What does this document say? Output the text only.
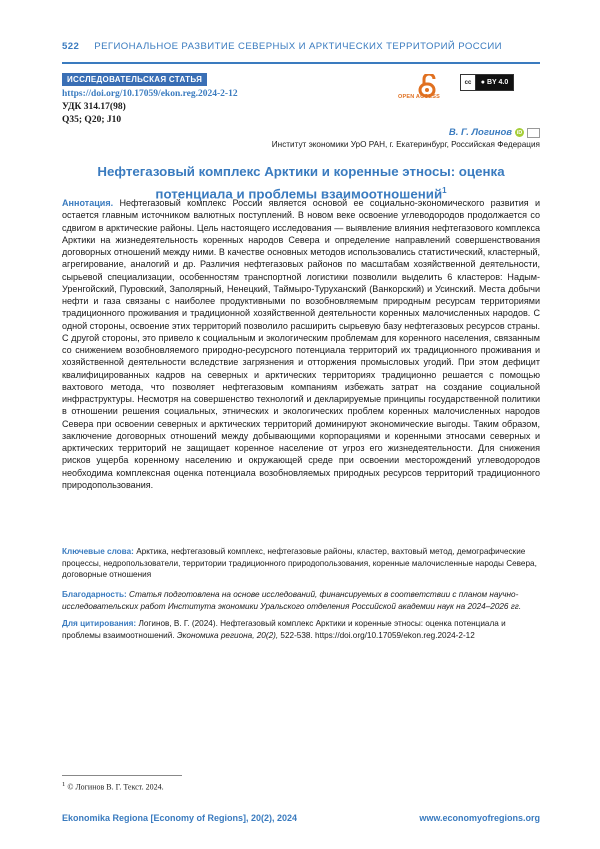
522 РЕГИОНАЛЬНОЕ РАЗВИТИЕ СЕВЕРНЫХ И АРКТИЧЕСКИХ ТЕРРИТОРИЙ РОССИИ
ИССЛЕДОВАТЕЛЬСКАЯ СТАТЬЯ
https://doi.org/10.17059/ekon.reg.2024-2-12
УДК 314.17(98)
Q35; Q20; J10
OPEN ACCESS
cc	● BY 4.0
В. Г. Логинов iD
Институт экономики УрО РАН, г. Екатеринбург, Российская Федерация
Нефтегазовый комплекс Арктики и коренные этносы: оценка потенциала и проблемы взаимоотношений1
Аннотация. Нефтегазовый комплекс России является основой ее социально-экономического развития и остается главным источником валютных поступлений. В новом веке освоение углеводородов продолжается со сдвигом в арктические районы. Цель настоящего исследования — выявление влияния нефтегазового комплекса Арктики на жизнедеятельность коренных народов Севера и определение направлений совершенствования договорных отношений между ними. В качестве основных методов использовались статистический, кластерный, агрегирование, аналогий и др. Различия нефтегазовых районов по масштабам хозяйственной деятельности, сырьевой специализации, особенностям транспортной логистики позволили выделить 6 кластеров: Надым-Уренгойский, Пуровский, Заполярный, Ненецкий, Таймыро-Туруханский (Ванкорский) и Усинский. Места добычи нефти и газа связаны с наиболее продуктивными по возобновляемым природным ресурсам территориями традиционного проживания и традиционной хозяйственной деятельности коренных малочисленных народов. С одной стороны, освоение этих территорий позволило расширить сырьевую базу нефтегазовых ресурсов страны. С другой стороны, это привело к социальным и экологическим проблемам для коренного населения, связанным со снижением возобновляемого природно-ресурсного потенциала территорий их традиционного проживания и хозяйственной деятельности вследствие загрязнения и отторжения промысловых угодий. При этом дефицит квалифицированных кадров на северных и арктических территориях традиционно решается с помощью вахтового метода, что позволяет нефтегазовым компаниям избежать затрат на создание социальной инфраструктуры. Несмотря на совершенство технологий и декларируемые принципы государственной политики в отношении решения социальных, этнических и экологических проблем коренных малочисленных народов Севера при освоении северных и арктических территорий доминируют экономические выгоды. Таким образом, заключение договорных отношений между добывающими корпорациями и коренными этносами северных и арктических территорий не защищает коренное население от угроз его жизнедеятельности. Для снижения рисков ущерба коренному населению и окружающей среде при освоении месторождений углеводородов необходима комплексная оценка потенциала возобновляемых природных ресурсов территорий традиционного природопользования.
Ключевые слова: Арктика, нефтегазовый комплекс, нефтегазовые районы, кластер, вахтовый метод, демографические процессы, недропользователи, территории традиционного природопользования, коренные малочисленные народы Севера, договорные отношения
Благодарность: Статья подготовлена на основе исследований, финансируемых в соответствии с планом научно-исследовательских работ Института экономики Уральского отделения Российской академии наук на 2024–2026 гг.
Для цитирования: Логинов, В. Г. (2024). Нефтегазовый комплекс Арктики и коренные этносы: оценка потенциала и проблемы взаимоотношений. Экономика региона, 20(2), 522-538. https://doi.org/10.17059/ekon.reg.2024-2-12
1 © Логинов В. Г. Текст. 2024.
Ekonomika Regiona [Economy of Regions], 20(2), 2024	www.economyofregions.org
